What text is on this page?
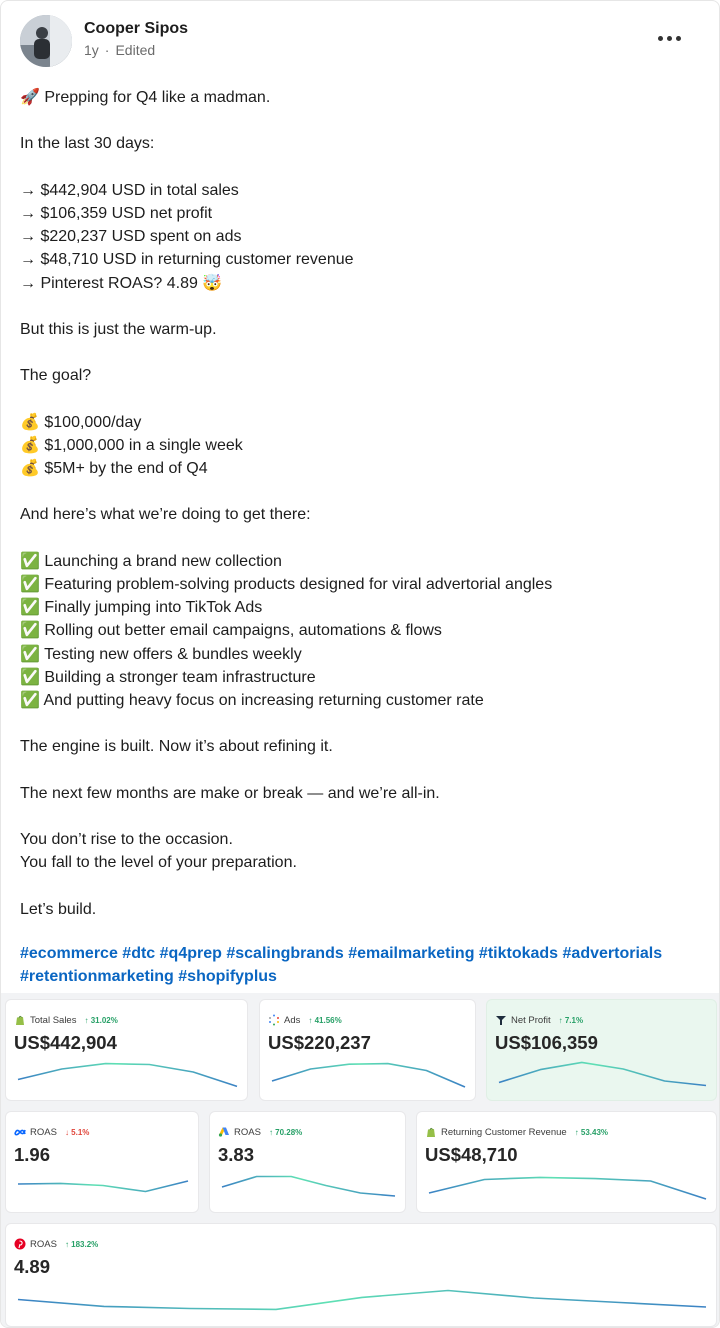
Cooper Sipos
1y · Edited
🚀 Prepping for Q4 like a madman.
In the last 30 days:
→ $442,904 USD in total sales
→ $106,359 USD net profit
→ $220,237 USD spent on ads
→ $48,710 USD in returning customer revenue
→ Pinterest ROAS? 4.89 🤯
But this is just the warm-up.
The goal?
💰 $100,000/day
💰 $1,000,000 in a single week
💰 $5M+ by the end of Q4
And here’s what we’re doing to get there:
✅ Launching a brand new collection
✅ Featuring problem-solving products designed for viral advertorial angles
✅ Finally jumping into TikTok Ads
✅ Rolling out better email campaigns, automations & flows
✅ Testing new offers & bundles weekly
✅ Building a stronger team infrastructure
✅ And putting heavy focus on increasing returning customer rate
The engine is built. Now it’s about refining it.
The next few months are make or break — and we’re all-in.
You don’t rise to the occasion.
You fall to the level of your preparation.
Let’s build.
#ecommerce #dtc #q4prep #scalingbrands #emailmarketing #tiktokads #advertorials #retentionmarketing #shopifyplus
Total Sales ↑ 31.02%
US$442,904
Ads ↑ 41.56%
US$220,237
Net Profit ↑ 7.1%
US$106,359
ROAS ↓ 5.1%
1.96
ROAS ↑ 70.28%
3.83
Returning Customer Revenue ↑ 53.43%
US$48,710
ROAS ↑ 183.2%
4.89
